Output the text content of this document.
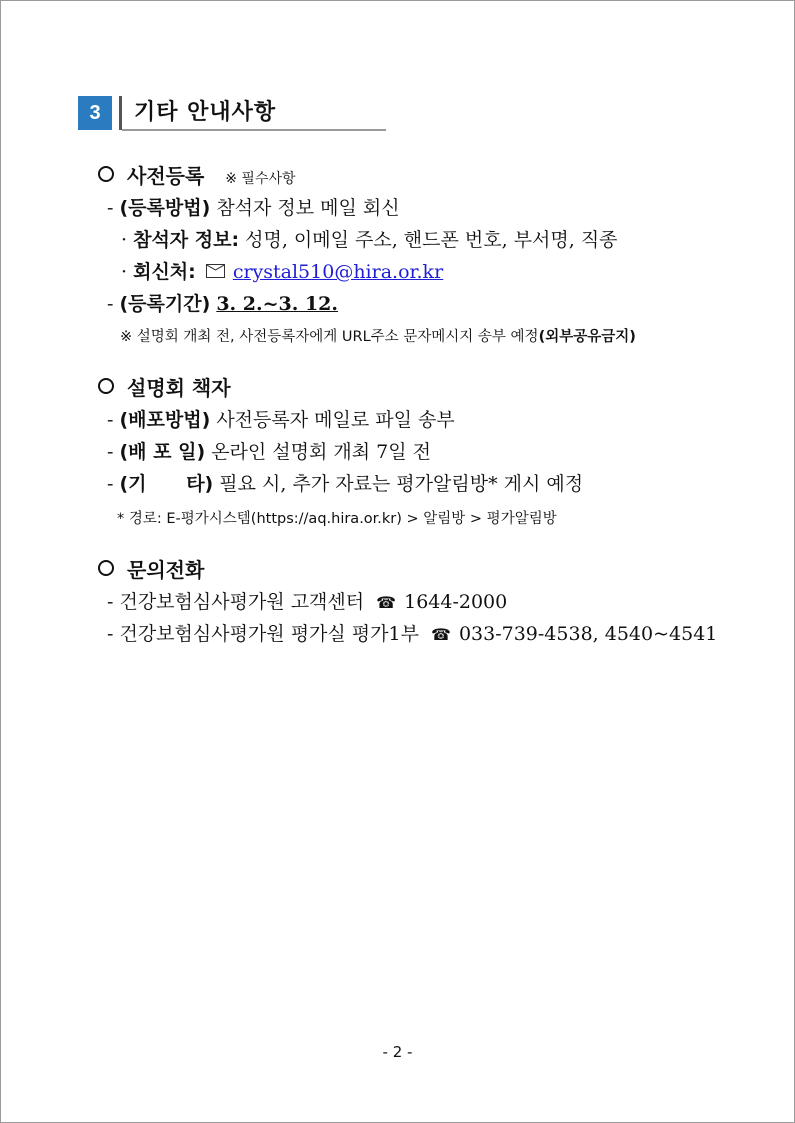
3	기타 안내사항
사전등록 ※ 필수사항
- (등록방법) 참석자 정보 메일 회신
· 참석자 정보: 성명, 이메일 주소, 핸드폰 번호, 부서명, 직종
· 회신처: crystal510@hira.or.kr
- (등록기간) 3. 2.~3. 12.
※ 설명회 개최 전, 사전등록자에게 URL주소 문자메시지 송부 예정(외부공유금지)
설명회 책자
- (배포방법) 사전등록자 메일로 파일 송부
- (배 포 일) 온라인 설명회 개최 7일 전
- (기      타) 필요 시, 추가 자료는 평가알림방* 게시 예정
* 경로: E-평가시스템(https://aq.hira.or.kr) > 알림방 > 평가알림방
문의전화
- 건강보험심사평가원 고객센터 ☎ 1644-2000
- 건강보험심사평가원 평가실 평가1부 ☎ 033-739-4538, 4540~4541
- 2 -
